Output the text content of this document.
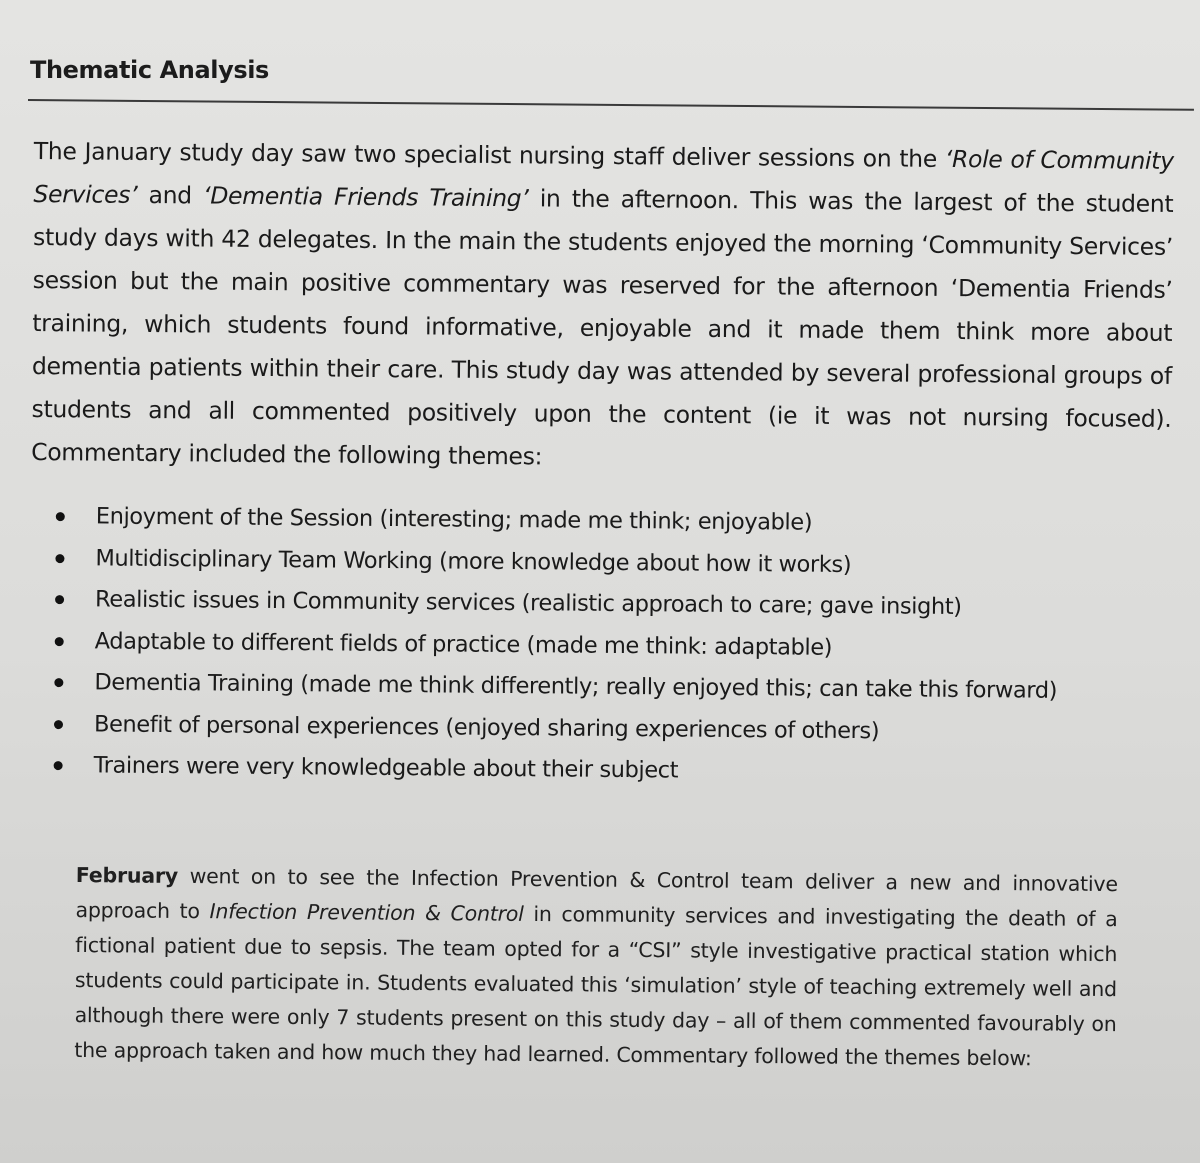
Thematic Analysis

The January study day saw two specialist nursing staff deliver sessions on the ‘Role of Community Services’ and ‘Dementia Friends Training’ in the afternoon. This was the largest of the student study days with 42 delegates. In the main the students enjoyed the morning ‘Community Services’ session but the main positive commentary was reserved for the afternoon ‘Dementia Friends’ training, which students found informative, enjoyable and it made them think more about dementia patients within their care. This study day was attended by several professional groups of students and all commented positively upon the content (ie it was not nursing focused). Commentary included the following themes:

Enjoyment of the Session (interesting; made me think; enjoyable)
Multidisciplinary Team Working (more knowledge about how it works)
Realistic issues in Community services (realistic approach to care; gave insight)
Adaptable to different fields of practice (made me think: adaptable)
Dementia Training (made me think differently; really enjoyed this; can take this forward)
Benefit of personal experiences (enjoyed sharing experiences of others)
Trainers were very knowledgeable about their subject

February went on to see the Infection Prevention & Control team deliver a new and innovative approach to Infection Prevention & Control in community services and investigating the death of a fictional patient due to sepsis. The team opted for a “CSI” style investigative practical station which students could participate in. Students evaluated this ‘simulation’ style of teaching extremely well and although there were only 7 students present on this study day – all of them commented favourably on the approach taken and how much they had learned. Commentary followed the themes below:
